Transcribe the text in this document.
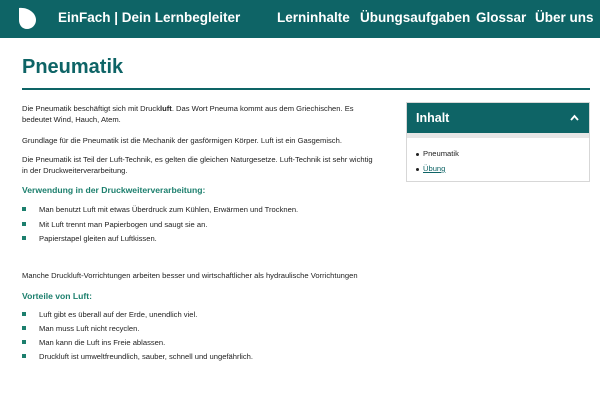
EinFach | Dein Lernbegleiter	Lerninhalte Übungsaufgaben Glossar Über uns
Pneumatik
Die Pneumatik beschäftigt sich mit Druckluft. Das Wort Pneuma kommt aus dem Griechischen. Es
bedeutet Wind, Hauch, Atem.
Grundlage für die Pneumatik ist die Mechanik der gasförmigen Körper. Luft ist ein Gasgemisch.
Die Pneumatik ist Teil der Luft-Technik, es gelten die gleichen Naturgesetze. Luft-Technik ist sehr wichtig
in der Druckweiterverarbeitung.
Verwendung in der Druckweiterverarbeitung:
Man benutzt Luft mit etwas Überdruck zum Kühlen, Erwärmen und Trocknen.
Mit Luft trennt man Papierbogen und saugt sie an.
Papierstapel gleiten auf Luftkissen.
Manche Druckluft-Vorrichtungen arbeiten besser und wirtschaftlicher als hydraulische Vorrichtungen
Vorteile von Luft:
Luft gibt es überall auf der Erde, unendlich viel.
Man muss Luft nicht recyclen.
Man kann die Luft ins Freie ablassen.
Druckluft ist umweltfreundlich, sauber, schnell und ungefährlich.
Inhalt
Pneumatik
Übung
